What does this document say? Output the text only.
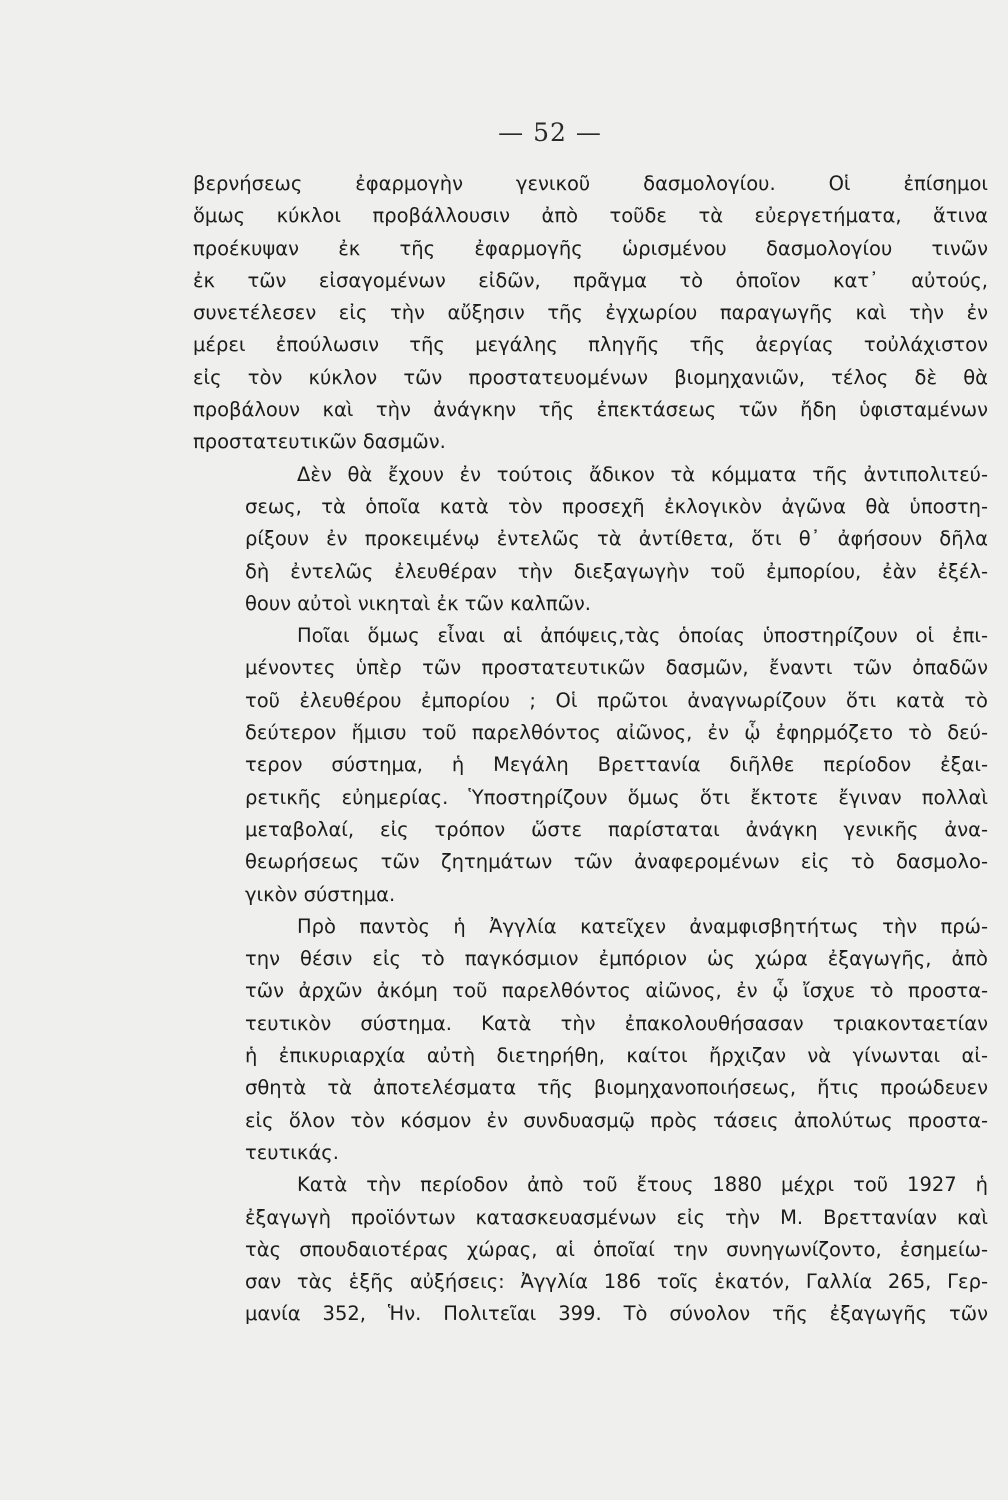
— 52 —
βερνήσεως ἐφαρμογὴν γενικοῦ δασμολογίου. Οἱ ἐπίσημοι
ὅμως κύκλοι προβάλλουσιν ἀπὸ τοῦδε τὰ εὐεργετήματα, ἅτινα
προέκυψαν ἐκ τῆς ἐφαρμογῆς ὡρισμένου δασμολογίου τινῶν
ἐκ τῶν εἰσαγομένων εἰδῶν, πρᾶγμα τὸ ὁποῖον κατ᾽ αὐτούς,
συνετέλεσεν εἰς τὴν αὔξησιν τῆς ἐγχωρίου παραγωγῆς καὶ τὴν ἐν
μέρει ἐπούλωσιν τῆς μεγάλης πληγῆς τῆς ἀεργίας τοὐλάχιστον
εἰς τὸν κύκλον τῶν προστατευομένων βιομηχανιῶν, τέλος δὲ θὰ
προβάλουν καὶ τὴν ἀνάγκην τῆς ἐπεκτάσεως τῶν ἤδη ὑφισταμένων
προστατευτικῶν δασμῶν.
Δὲν θὰ ἔχουν ἐν τούτοις ἄδικον τὰ κόμματα τῆς ἀντιπολιτεύ-
σεως, τὰ ὁποῖα κατὰ τὸν προσεχῆ ἐκλογικὸν ἀγῶνα θὰ ὑποστη-
ρίξουν ἐν προκειμένῳ ἐντελῶς τὰ ἀντίθετα, ὅτι θ᾽ ἀφήσουν δῆλα
δὴ ἐντελῶς ἐλευθέραν τὴν διεξαγωγὴν τοῦ ἐμπορίου, ἐὰν ἐξέλ-
θουν αὐτοὶ νικηταὶ ἐκ τῶν καλπῶν.
Ποῖαι ὅμως εἶναι αἱ ἀπόψεις,τὰς ὁποίας ὑποστηρίζουν οἱ ἐπι-
μένοντες ὑπὲρ τῶν προστατευτικῶν δασμῶν, ἔναντι τῶν ὀπαδῶν
τοῦ ἐλευθέρου ἐμπορίου ; Οἱ πρῶτοι ἀναγνωρίζουν ὅτι κατὰ τὸ
δεύτερον ἥμισυ τοῦ παρελθόντος αἰῶνος, ἐν ᾧ ἐφηρμόζετο τὸ δεύ-
τερον σύστημα, ἡ Μεγάλη Βρεττανία διῆλθε περίοδον ἐξαι-
ρετικῆς εὐημερίας. Ὑποστηρίζουν ὅμως ὅτι ἔκτοτε ἔγιναν πολλαὶ
μεταβολαί, εἰς τρόπον ὥστε παρίσταται ἀνάγκη γενικῆς ἀνα-
θεωρήσεως τῶν ζητημάτων τῶν ἀναφερομένων εἰς τὸ δασμολο-
γικὸν σύστημα.
Πρὸ παντὸς ἡ Ἀγγλία κατεῖχεν ἀναμφισβητήτως τὴν πρώ-
την θέσιν εἰς τὸ παγκόσμιον ἐμπόριον ὡς χώρα ἐξαγωγῆς, ἀπὸ
τῶν ἀρχῶν ἀκόμη τοῦ παρελθόντος αἰῶνος, ἐν ᾧ ἴσχυε τὸ προστα-
τευτικὸν σύστημα. Κατὰ τὴν ἐπακολουθήσασαν τριακονταετίαν
ἡ ἐπικυριαρχία αὐτὴ διετηρήθη, καίτοι ἤρχιζαν νὰ γίνωνται αἰ-
σθητὰ τὰ ἀποτελέσματα τῆς βιομηχανοποιήσεως, ἥτις προώδευεν
εἰς ὅλον τὸν κόσμον ἐν συνδυασμῷ πρὸς τάσεις ἀπολύτως προστα-
τευτικάς.
Κατὰ τὴν περίοδον ἀπὸ τοῦ ἔτους 1880 μέχρι τοῦ 1927 ἡ
ἐξαγωγὴ προϊόντων κατασκευασμένων εἰς τὴν Μ. Βρεττανίαν καὶ
τὰς σπουδαιοτέρας χώρας, αἱ ὁποῖαί την συνηγωνίζοντο, ἐσημείω-
σαν τὰς ἑξῆς αὐξήσεις: Ἀγγλία 186 τοῖς ἑκατόν, Γαλλία 265, Γερ-
μανία 352, Ἡν. Πολιτεῖαι 399. Τὸ σύνολον τῆς ἐξαγωγῆς τῶν
